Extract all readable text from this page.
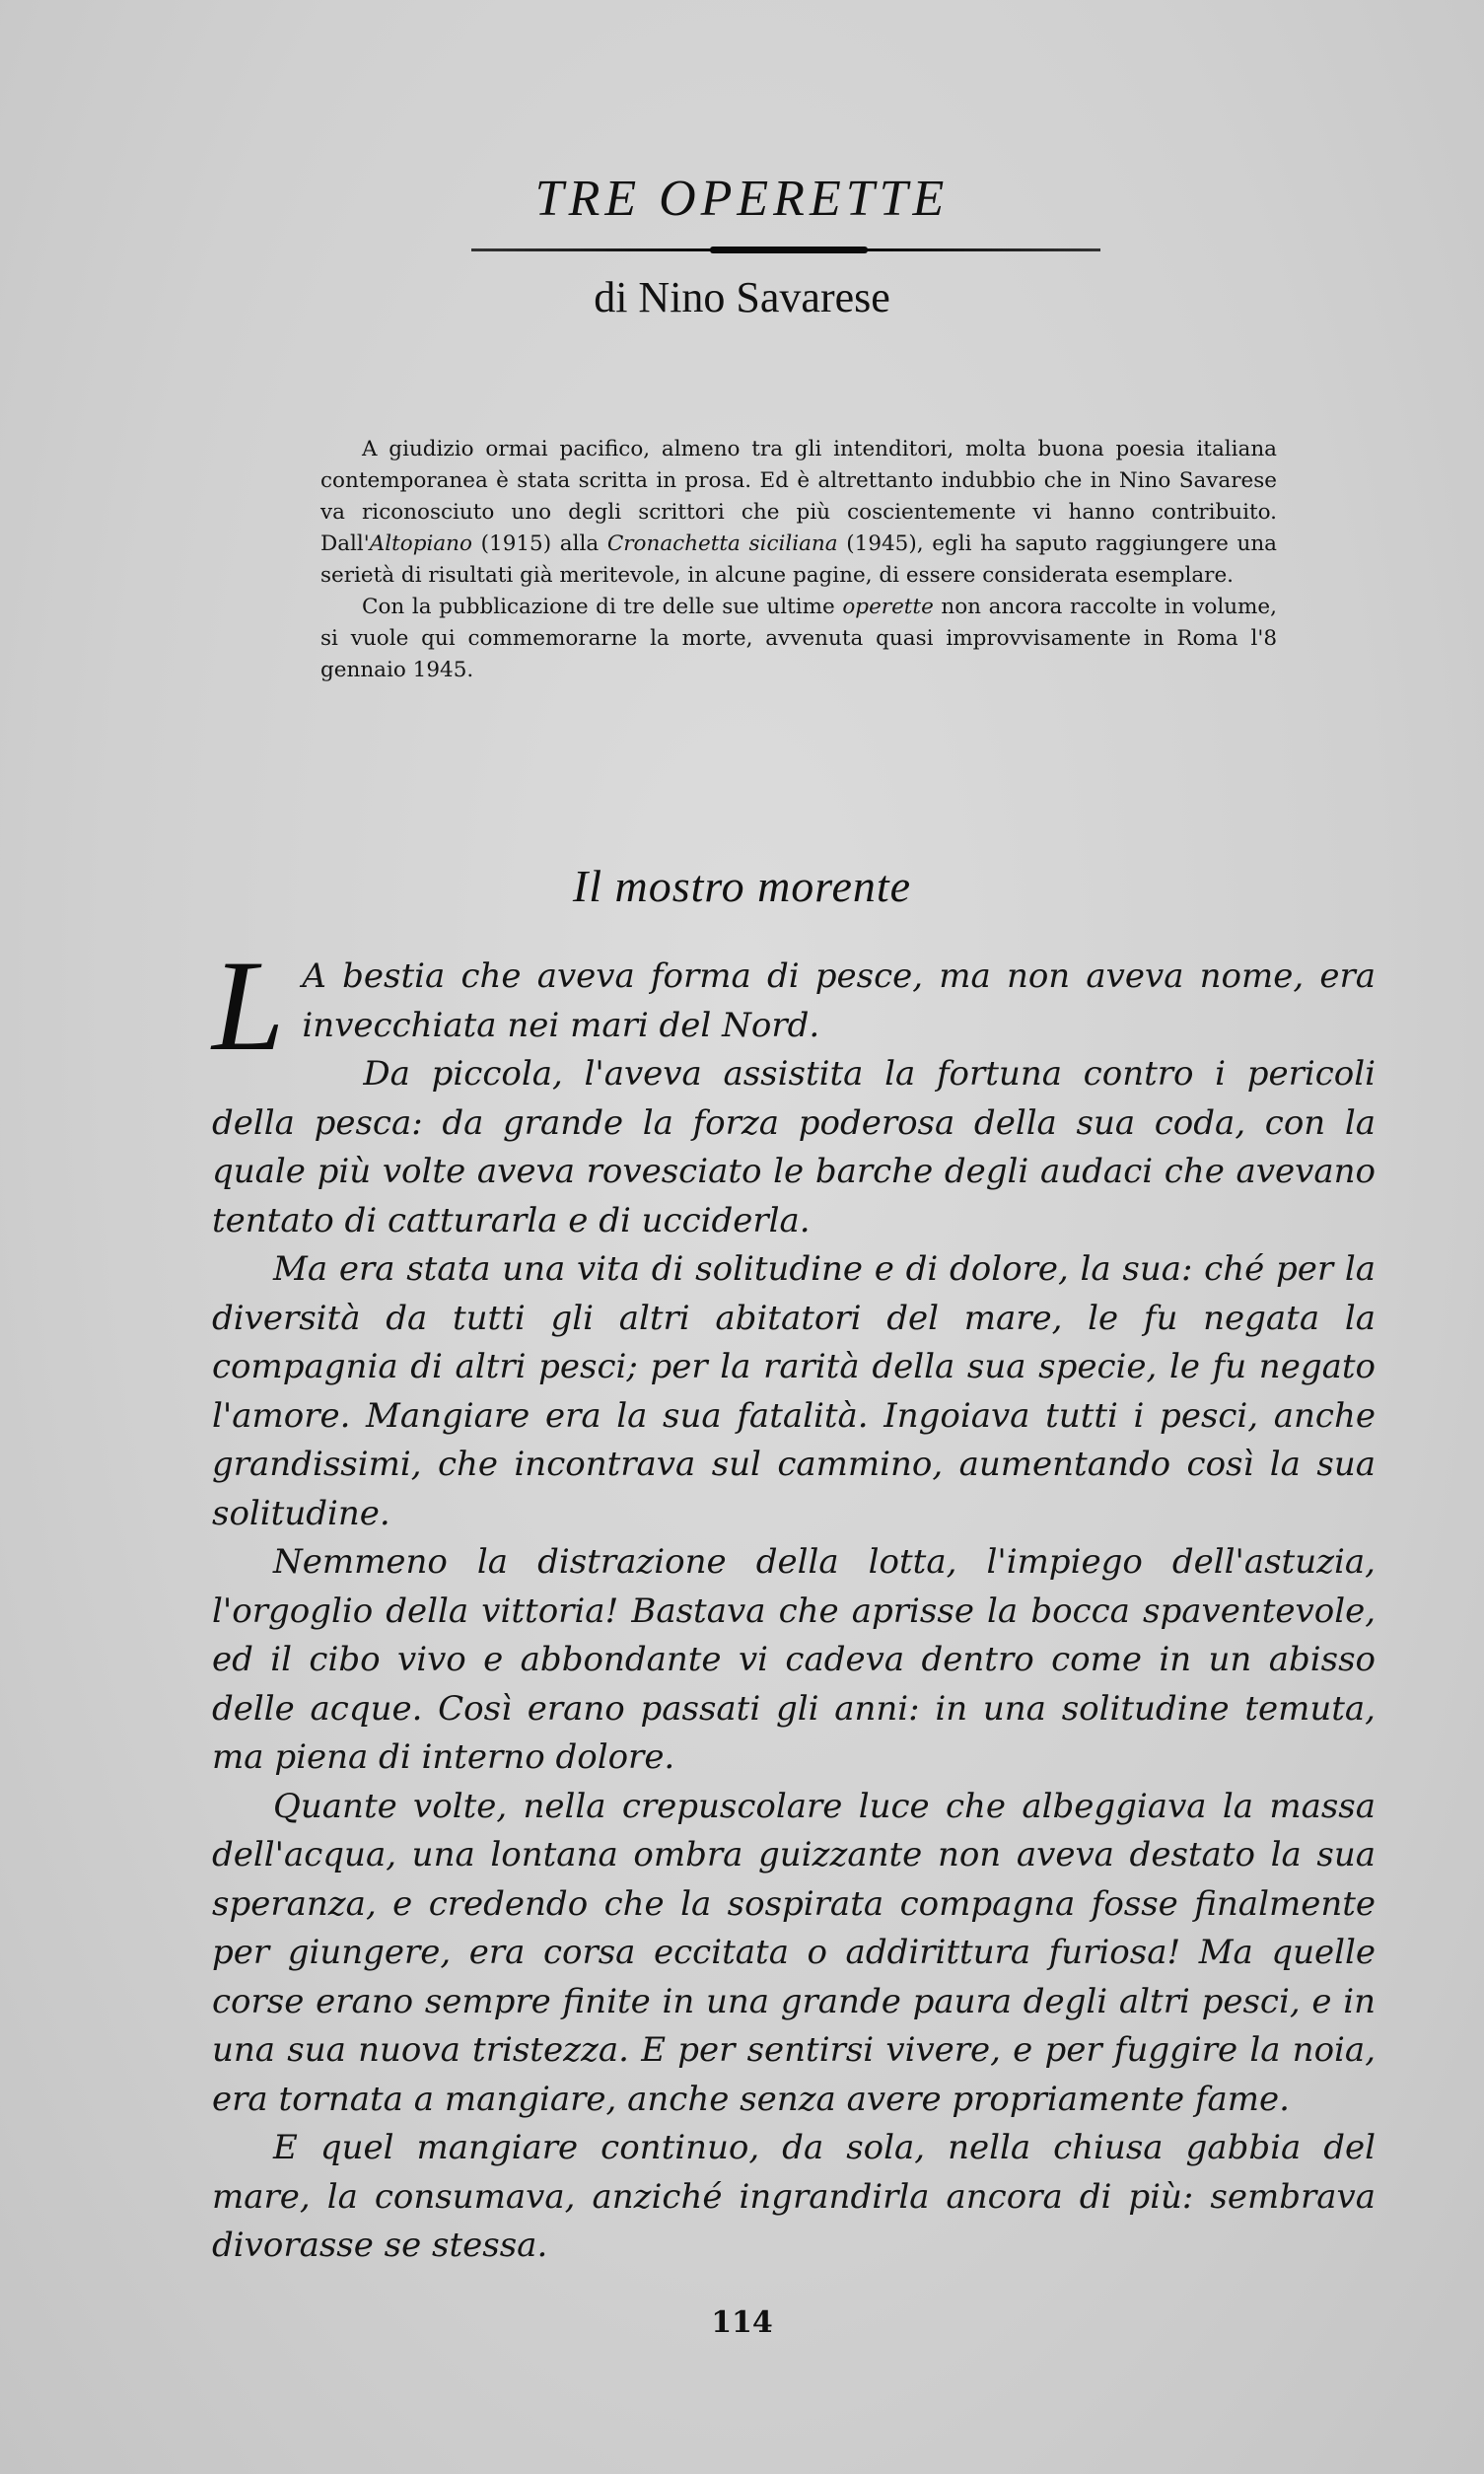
TRE OPERETTE
di Nino Savarese

A giudizio ormai pacifico, almeno tra gli intenditori, molta buona poesia italiana contemporanea è stata scritta in prosa. Ed è altrettanto indubbio che in Nino Savarese va riconosciuto uno degli scrittori che più coscientemente vi hanno contribuito. Dall'Altopiano (1915) alla Cronachetta siciliana (1945), egli ha saputo raggiungere una serietà di risultati già meritevole, in alcune pagine, di essere considerata esemplare.

Con la pubblicazione di tre delle sue ultime operette non ancora raccolte in volume, si vuole qui commemorarne la morte, avvenuta quasi improvvisamente in Roma l'8 gennaio 1945.

Il mostro morente

L A bestia che aveva forma di pesce, ma non aveva nome, era invecchiata nei mari del Nord.

Da piccola, l'aveva assistita la fortuna contro i pericoli della pesca: da grande la forza poderosa della sua coda, con la quale più volte aveva rovesciato le barche degli audaci che avevano tentato di catturarla e di ucciderla.

Ma era stata una vita di solitudine e di dolore, la sua: ché per la diversità da tutti gli altri abitatori del mare, le fu negata la compagnia di altri pesci; per la rarità della sua specie, le fu negato l'amore. Mangiare era la sua fatalità. Ingoiava tutti i pesci, anche grandissimi, che incontrava sul cammino, aumentando così la sua solitudine.

Nemmeno la distrazione della lotta, l'impiego dell'astuzia, l'orgoglio della vittoria! Bastava che aprisse la bocca spaventevole, ed il cibo vivo e abbondante vi cadeva dentro come in un abisso delle acque. Così erano passati gli anni: in una solitudine temuta, ma piena di interno dolore.

Quante volte, nella crepuscolare luce che albeggiava la massa dell'acqua, una lontana ombra guizzante non aveva destato la sua speranza, e credendo che la sospirata compagna fosse finalmente per giungere, era corsa eccitata o addirittura furiosa! Ma quelle corse erano sempre finite in una grande paura degli altri pesci, e in una sua nuova tristezza. E per sentirsi vivere, e per fuggire la noia, era tornata a mangiare, anche senza avere propriamente fame.

E quel mangiare continuo, da sola, nella chiusa gabbia del mare, la consumava, anziché ingrandirla ancora di più: sembrava divorasse se stessa.

114
